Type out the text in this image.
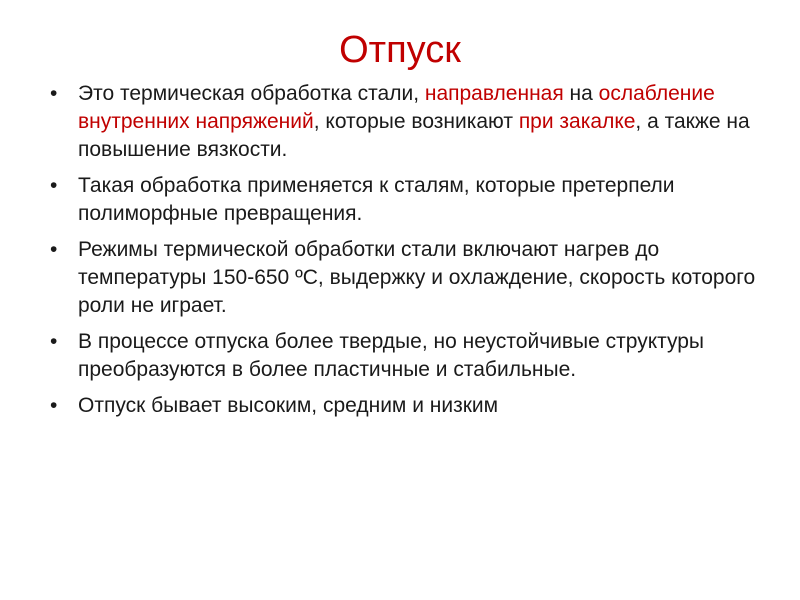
Отпуск
• Это термическая обработка стали, направленная на ослабление внутренних напряжений, которые возникают при закалке, а также на повышение вязкости.
• Такая обработка применяется к сталям, которые претерпели полиморфные превращения.
• Режимы термической обработки стали включают нагрев до температуры 150-650 ºС, выдержку и охлаждение, скорость которого роли не играет.
• В процессе отпуска более твердые, но неустойчивые структуры преобразуются в более пластичные и стабильные.
• Отпуск бывает высоким, средним и низким
